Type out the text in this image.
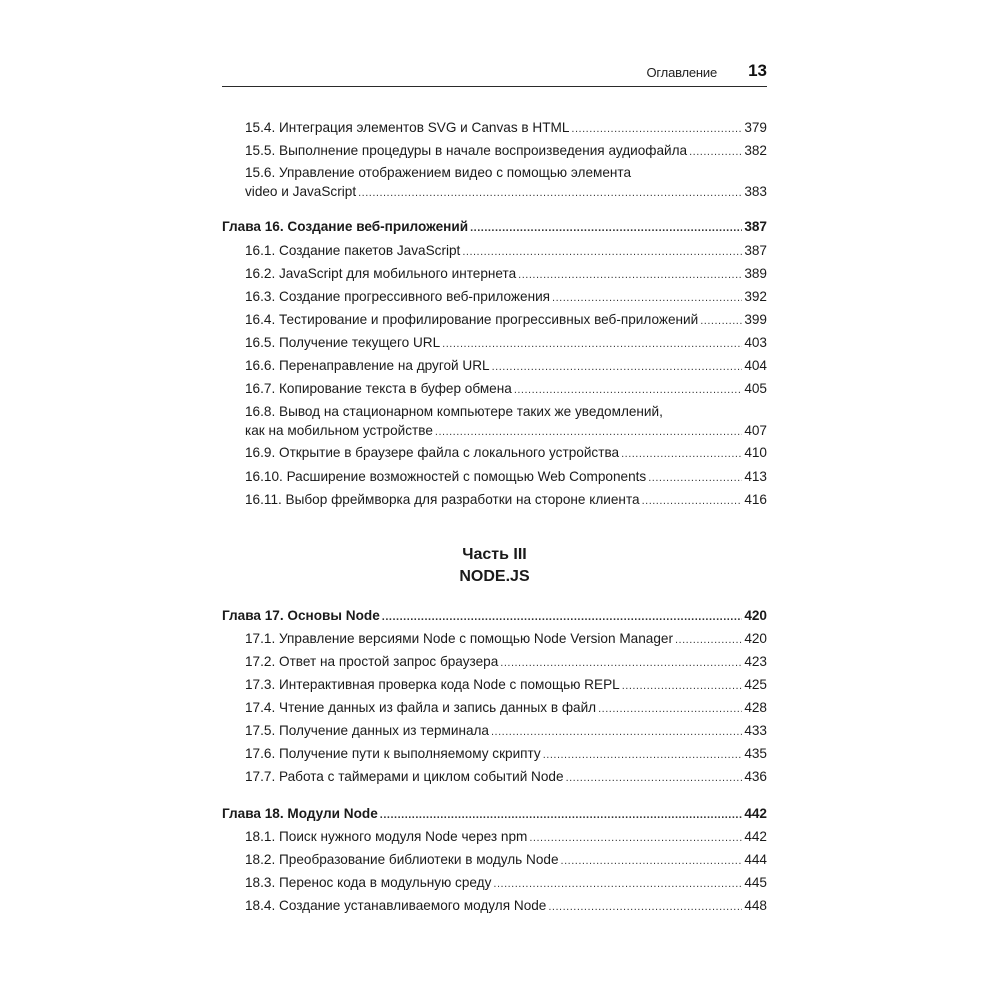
Оглавление 13
15.4. Интеграция элементов SVG и Canvas в HTML .....	379
15.5. Выполнение процедуры в начале воспроизведения аудиофайла .....	382
15.6. Управление отображением видео с помощью элемента
video и JavaScript .....	383
Глава 16. Создание веб-приложений .....	387
16.1. Создание пакетов JavaScript .....	387
16.2. JavaScript для мобильного интернета .....	389
16.3. Создание прогрессивного веб-приложения .....	392
16.4. Тестирование и профилирование прогрессивных веб-приложений .....	399
16.5. Получение текущего URL .....	403
16.6. Перенаправление на другой URL .....	404
16.7. Копирование текста в буфер обмена .....	405
16.8. Вывод на стационарном компьютере таких же уведомлений,
как на мобильном устройстве .....	407
16.9. Открытие в браузере файла с локального устройства .....	410
16.10. Расширение возможностей с помощью Web Components .....	413
16.11. Выбор фреймворка для разработки на стороне клиента .....	416
Часть III
NODE.JS
Глава 17. Основы Node .....	420
17.1. Управление версиями Node с помощью Node Version Manager .....	420
17.2. Ответ на простой запрос браузера .....	423
17.3. Интерактивная проверка кода Node с помощью REPL .....	425
17.4. Чтение данных из файла и запись данных в файл .....	428
17.5. Получение данных из терминала .....	433
17.6. Получение пути к выполняемому скрипту .....	435
17.7. Работа с таймерами и циклом событий Node .....	436
Глава 18. Модули Node .....	442
18.1. Поиск нужного модуля Node через npm .....	442
18.2. Преобразование библиотеки в модуль Node .....	444
18.3. Перенос кода в модульную среду .....	445
18.4. Создание устанавливаемого модуля Node .....	448
